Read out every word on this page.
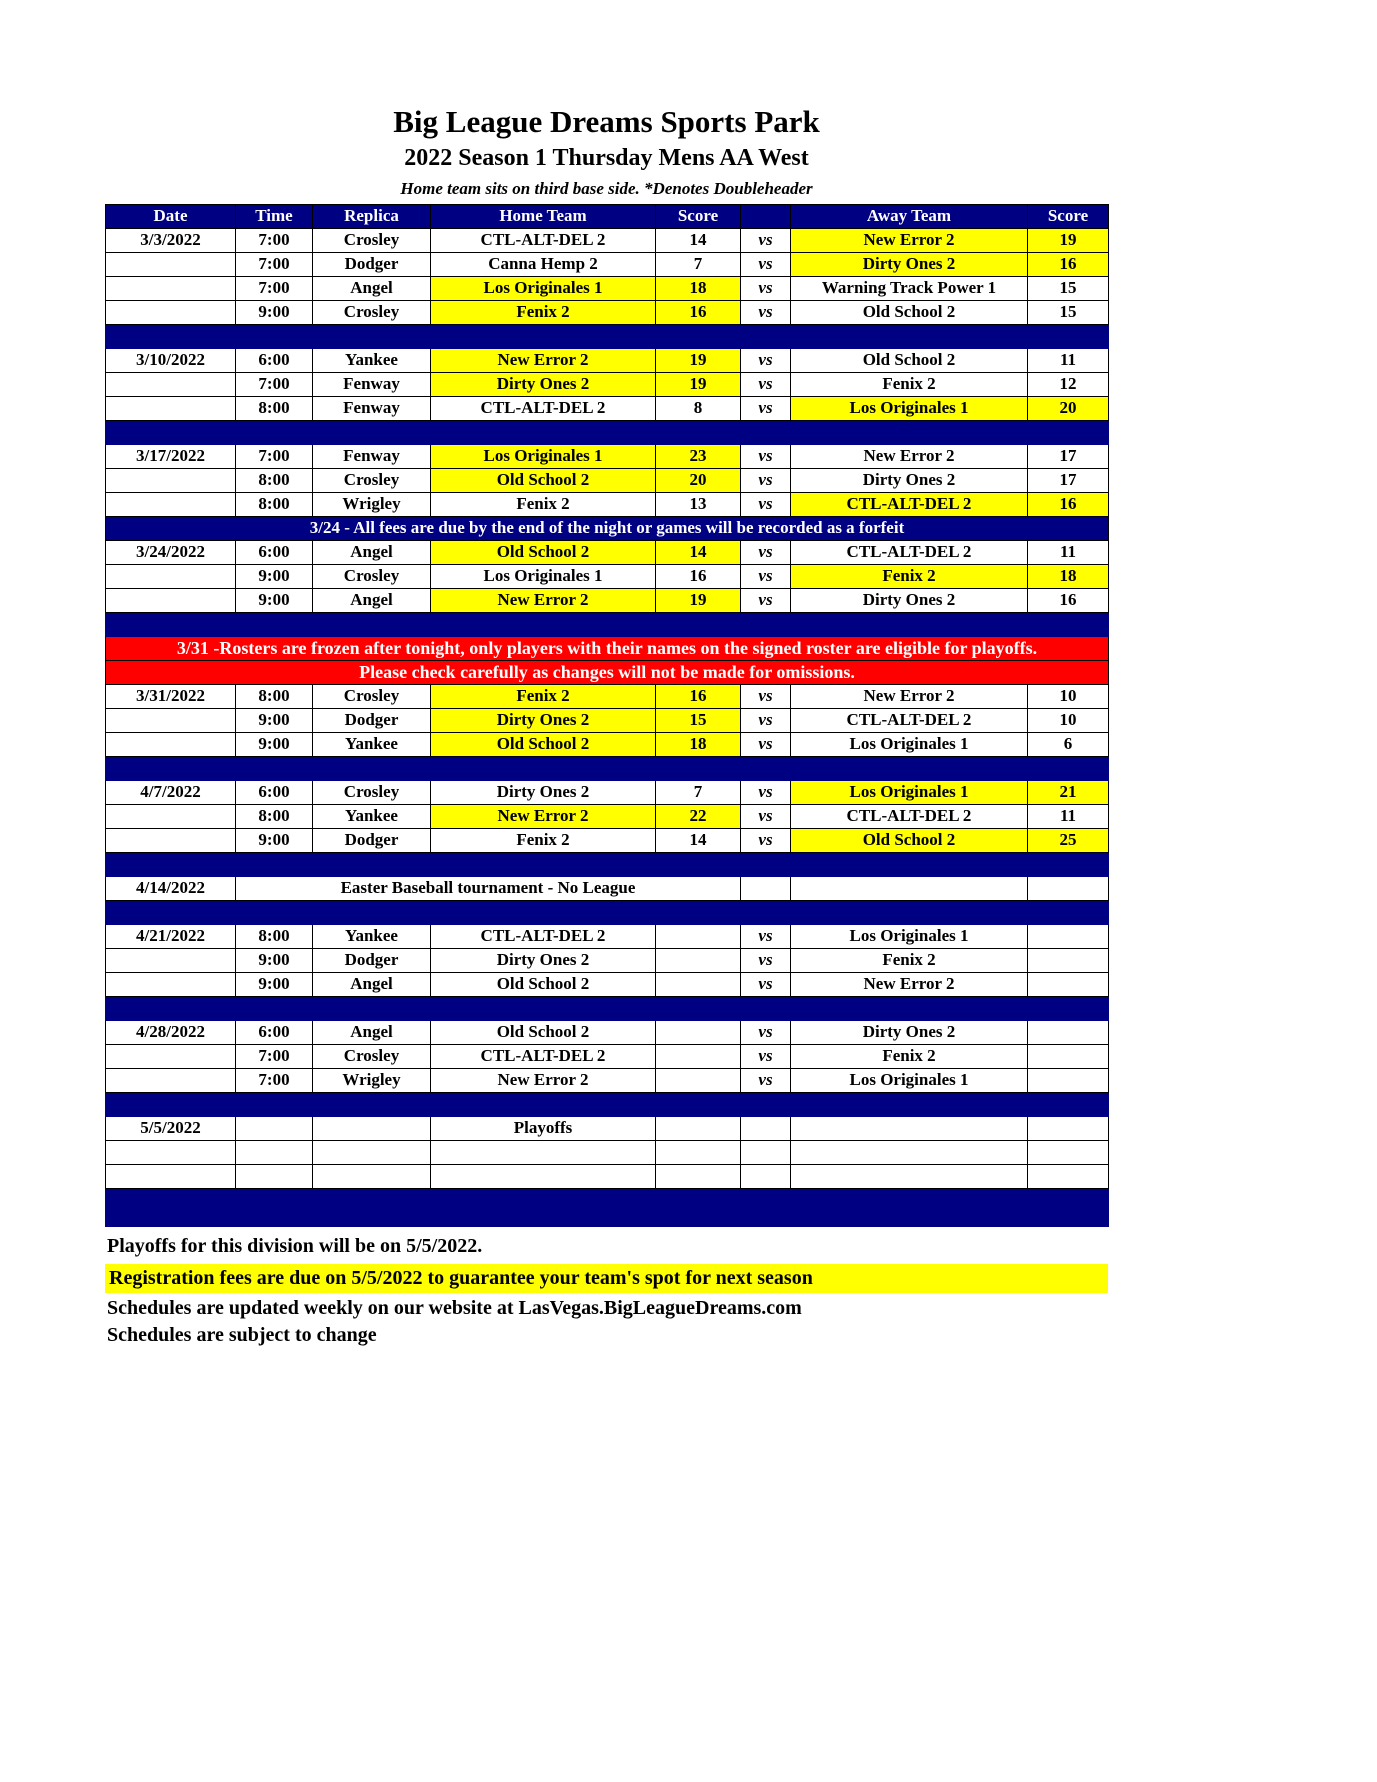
Big League Dreams Sports Park
2022 Season 1 Thursday Mens AA West
Home team sits on third base side. *Denotes Doubleheader
Date	Time	Replica	Home Team	Score		Away Team	Score
3/3/2022	7:00	Crosley	CTL-ALT-DEL 2	14	vs	New Error 2	19
	7:00	Dodger	Canna Hemp 2	7	vs	Dirty Ones 2	16
	7:00	Angel	Los Originales 1	18	vs	Warning Track Power 1	15
	9:00	Crosley	Fenix 2	16	vs	Old School 2	15

3/10/2022	6:00	Yankee	New Error 2	19	vs	Old School 2	11
	7:00	Fenway	Dirty Ones 2	19	vs	Fenix 2	12
	8:00	Fenway	CTL-ALT-DEL 2	8	vs	Los Originales 1	20

3/17/2022	7:00	Fenway	Los Originales 1	23	vs	New Error 2	17
	8:00	Crosley	Old School 2	20	vs	Dirty Ones 2	17
	8:00	Wrigley	Fenix 2	13	vs	CTL-ALT-DEL 2	16
3/24 - All fees are due by the end of the night or games will be recorded as a forfeit							
3/24/2022	6:00	Angel	Old School 2	14	vs	CTL-ALT-DEL 2	11
	9:00	Crosley	Los Originales 1	16	vs	Fenix 2	18
	9:00	Angel	New Error 2	19	vs	Dirty Ones 2	16

3/31 -Rosters are frozen after tonight, only players with their names on the signed roster are eligible for playoffs.							
Please check carefully as changes will not be made for omissions.							
3/31/2022	8:00	Crosley	Fenix 2	16	vs	New Error 2	10
	9:00	Dodger	Dirty Ones 2	15	vs	CTL-ALT-DEL 2	10
	9:00	Yankee	Old School 2	18	vs	Los Originales 1	6

4/7/2022	6:00	Crosley	Dirty Ones 2	7	vs	Los Originales 1	21
	8:00	Yankee	New Error 2	22	vs	CTL-ALT-DEL 2	11
	9:00	Dodger	Fenix 2	14	vs	Old School 2	25

4/14/2022	Easter Baseball tournament - No League						

4/21/2022	8:00	Yankee	CTL-ALT-DEL 2		vs	Los Originales 1	
	9:00	Dodger	Dirty Ones 2		vs	Fenix 2	
	9:00	Angel	Old School 2		vs	New Error 2	

4/28/2022	6:00	Angel	Old School 2		vs	Dirty Ones 2	
	7:00	Crosley	CTL-ALT-DEL 2		vs	Fenix 2	
	7:00	Wrigley	New Error 2		vs	Los Originales 1	

5/5/2022			Playoffs				

Playoffs for this division will be on 5/5/2022.
Registration fees are due on 5/5/2022 to guarantee your team's spot for next season
Schedules are updated weekly on our website at LasVegas.BigLeagueDreams.com
Schedules are subject to change
